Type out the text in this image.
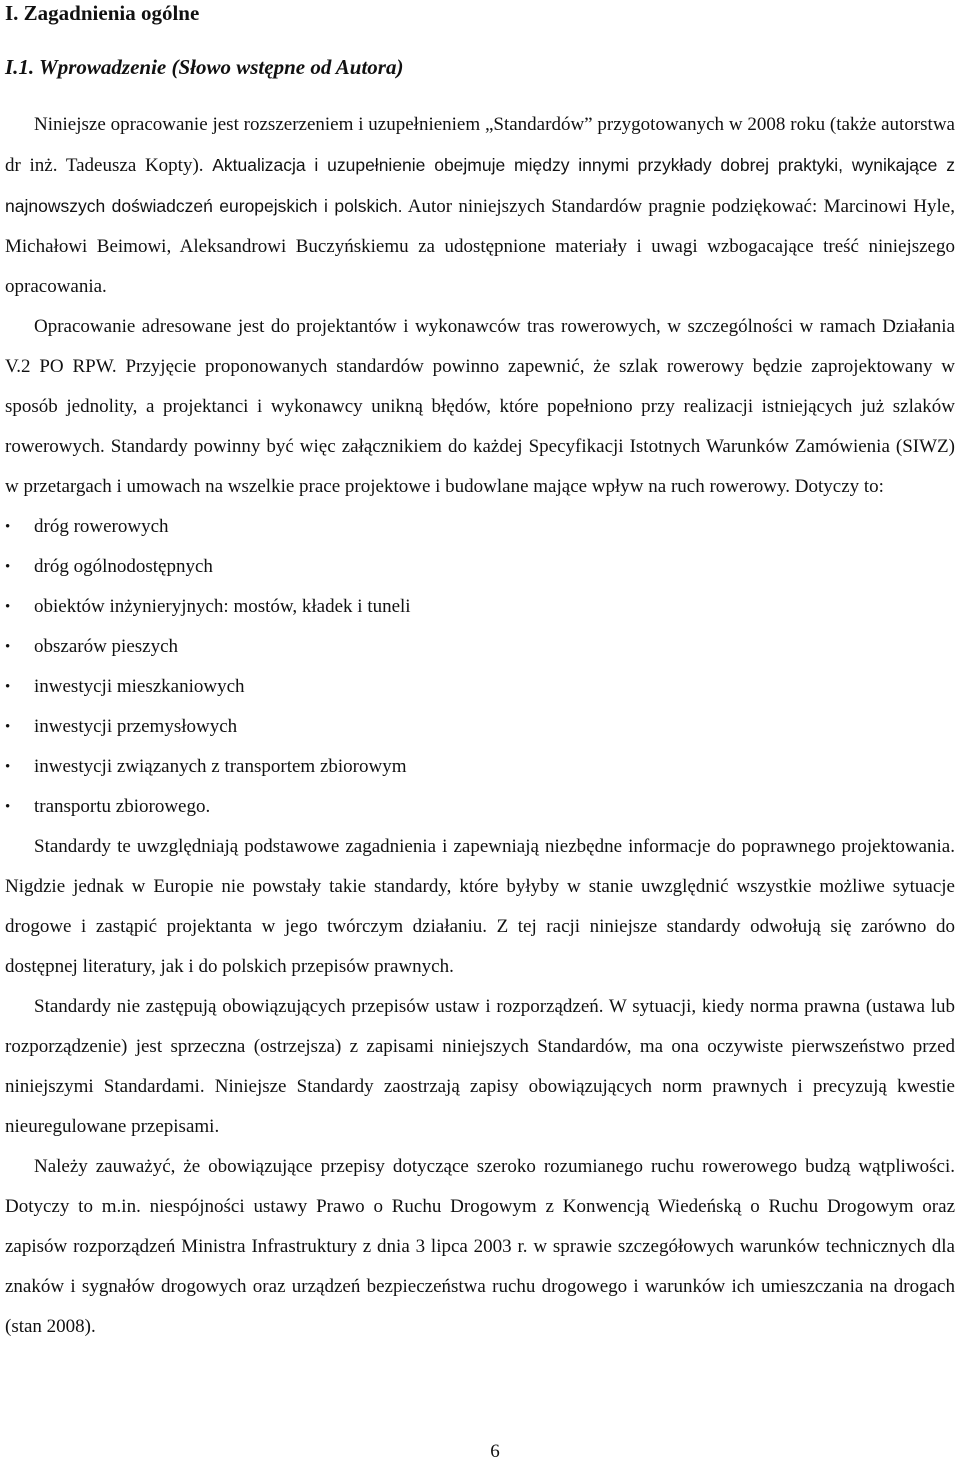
I. Zagadnienia ogólne
I.1. Wprowadzenie (Słowo wstępne od Autora)

Niniejsze opracowanie jest rozszerzeniem i uzupełnieniem „Standardów” przygotowanych w 2008 roku (także autorstwa dr inż. Tadeusza Kopty). Aktualizacja i uzupełnienie obejmuje między innymi przykłady dobrej praktyki, wynikające z najnowszych doświadczeń europejskich i polskich. Autor niniejszych Standardów pragnie podziękować: Marcinowi Hyle, Michałowi Beimowi, Aleksandrowi Buczyńskiemu za udostępnione materiały i uwagi wzbogacające treść niniejszego opracowania.

Opracowanie adresowane jest do projektantów i wykonawców tras rowerowych, w szczególności w ramach Działania V.2 PO RPW. Przyjęcie proponowanych standardów powinno zapewnić, że szlak rowerowy będzie zaprojektowany w sposób jednolity, a projektanci i wykonawcy unikną błędów, które popełniono przy realizacji istniejących już szlaków rowerowych. Standardy powinny być więc załącznikiem do każdej Specyfikacji Istotnych Warunków Zamówienia (SIWZ) w przetargach i umowach na wszelkie prace projektowe i budowlane mające wpływ na ruch rowerowy. Dotyczy to:

• dróg rowerowych
• dróg ogólnodostępnych
• obiektów inżynieryjnych: mostów, kładek i tuneli
• obszarów pieszych
• inwestycji mieszkaniowych
• inwestycji przemysłowych
• inwestycji związanych z transportem zbiorowym
• transportu zbiorowego.

Standardy te uwzględniają podstawowe zagadnienia i zapewniają niezbędne informacje do poprawnego projektowania. Nigdzie jednak w Europie nie powstały takie standardy, które byłyby w stanie uwzględnić wszystkie możliwe sytuacje drogowe i zastąpić projektanta w jego twórczym działaniu. Z tej racji niniejsze standardy odwołują się zarówno do dostępnej literatury, jak i do polskich przepisów prawnych.

Standardy nie zastępują obowiązujących przepisów ustaw i rozporządzeń. W sytuacji, kiedy norma prawna (ustawa lub rozporządzenie) jest sprzeczna (ostrzejsza) z zapisami niniejszych Standardów, ma ona oczywiste pierwszeństwo przed niniejszymi Standardami. Niniejsze Standardy zaostrzają zapisy obowiązujących norm prawnych i precyzują kwestie nieuregulowane przepisami.

Należy zauważyć, że obowiązujące przepisy dotyczące szeroko rozumianego ruchu rowerowego budzą wątpliwości. Dotyczy to m.in. niespójności ustawy Prawo o Ruchu Drogowym z Konwencją Wiedeńską o Ruchu Drogowym oraz zapisów rozporządzeń Ministra Infrastruktury z dnia 3 lipca 2003 r. w sprawie szczegółowych warunków technicznych dla znaków i sygnałów drogowych oraz urządzeń bezpieczeństwa ruchu drogowego i warunków ich umieszczania na drogach (stan 2008).

6
